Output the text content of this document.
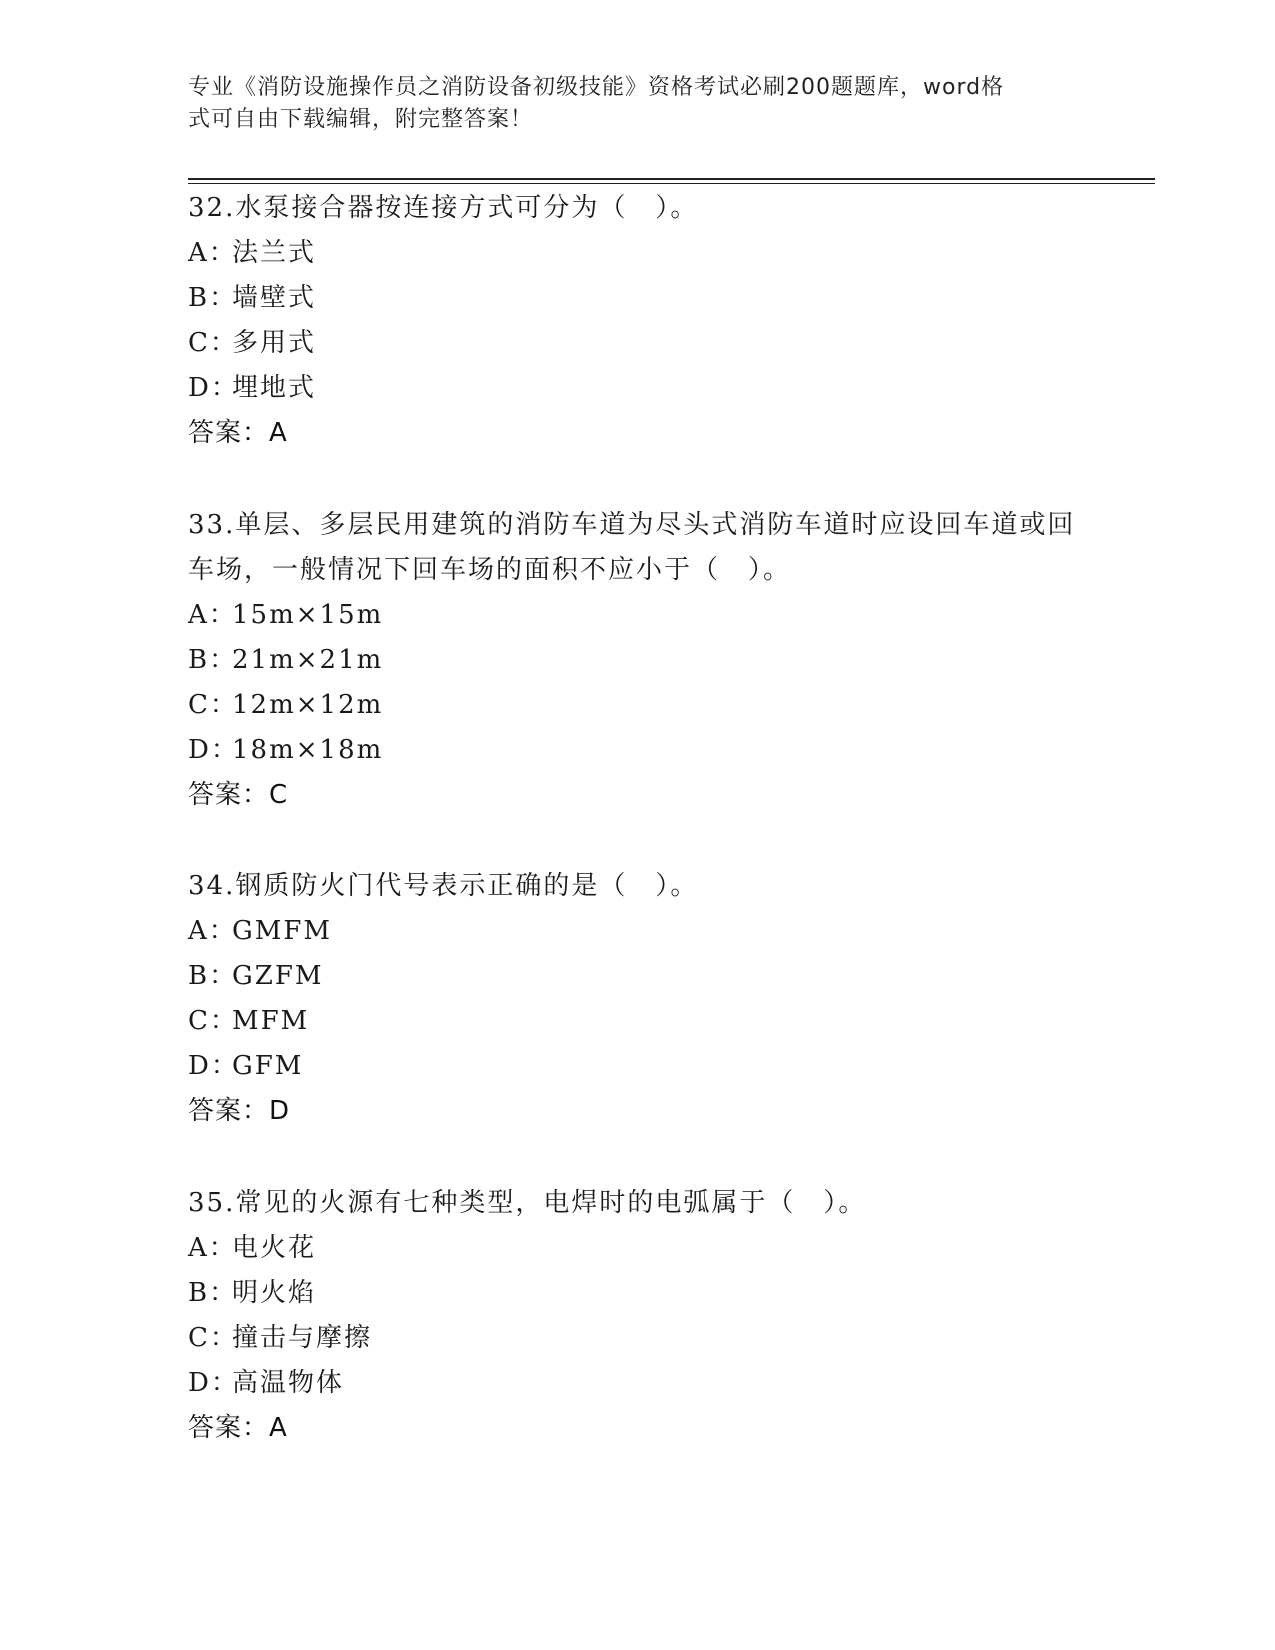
专业《消防设施操作员之消防设备初级技能》资格考试必刷200题题库，word格
式可自由下载编辑，附完整答案！

32.水泵接合器按连接方式可分为（　）。

A：法兰式

B：墙壁式

C：多用式

D：埋地式

答案：A

33.单层、多层民用建筑的消防车道为尽头式消防车道时应设回车道或回车场，一般情况下回车场的面积不应小于（　）。

A：15m×15m

B：21m×21m

C：12m×12m

D：18m×18m

答案：C

34.钢质防火门代号表示正确的是（　）。

A：GMFM

B：GZFM

C：MFM

D：GFM

答案：D

35.常见的火源有七种类型，电焊时的电弧属于（　）。

A：电火花

B：明火焰

C：撞击与摩擦

D：高温物体

答案：A
